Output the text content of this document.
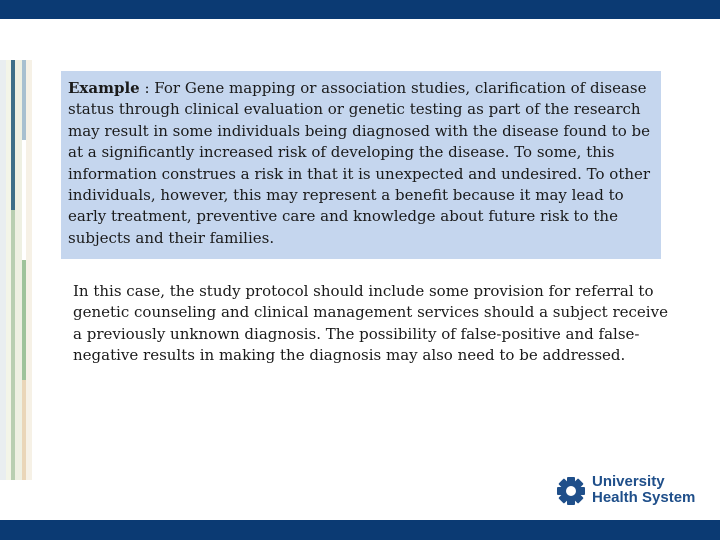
Example : For Gene mapping or association studies, clarification of disease status through clinical evaluation or genetic testing as part of the research may result in some individuals being diagnosed with the disease found to be at a significantly increased risk of developing the disease. To some, this information construes a risk in that it is unexpected and undesired. To other individuals, however, this may represent a benefit because it may lead to early treatment, preventive care and knowledge about future risk to the subjects and their families.

In this case, the study protocol should include some provision for referral to genetic counseling and clinical management services should a subject receive a previously unknown diagnosis. The possibility of false-positive and false-negative results in making the diagnosis may also need to be addressed.

University
Health System
